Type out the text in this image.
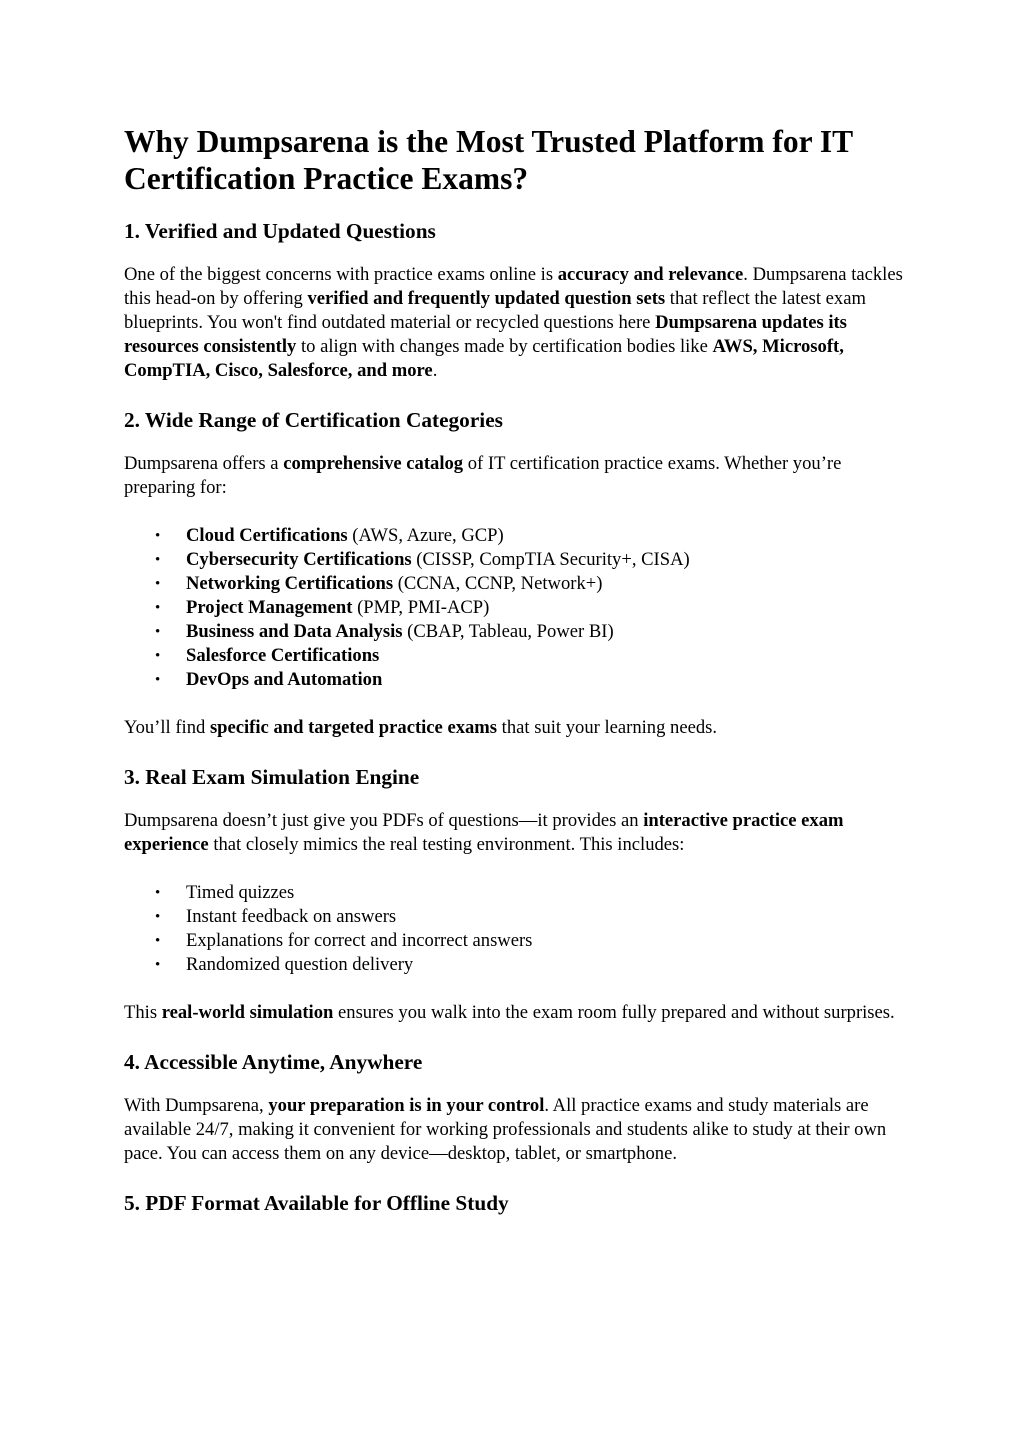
Why Dumpsarena is the Most Trusted Platform for IT
Certification Practice Exams?
1. Verified and Updated Questions

One of the biggest concerns with practice exams online is accuracy and relevance. Dumpsarena tackles this head-on by offering verified and frequently updated question sets that reflect the latest exam blueprints. You won't find outdated material or recycled questions here Dumpsarena updates its resources consistently to align with changes made by certification bodies like AWS, Microsoft, CompTIA, Cisco, Salesforce, and more.

2. Wide Range of Certification Categories

Dumpsarena offers a comprehensive catalog of IT certification practice exams. Whether you’re preparing for:

• Cloud Certifications (AWS, Azure, GCP)
• Cybersecurity Certifications (CISSP, CompTIA Security+, CISA)
• Networking Certifications (CCNA, CCNP, Network+)
• Project Management (PMP, PMI-ACP)
• Business and Data Analysis (CBAP, Tableau, Power BI)
• Salesforce Certifications
• DevOps and Automation

You’ll find specific and targeted practice exams that suit your learning needs.

3. Real Exam Simulation Engine

Dumpsarena doesn’t just give you PDFs of questions—it provides an interactive practice exam experience that closely mimics the real testing environment. This includes:

• Timed quizzes
• Instant feedback on answers
• Explanations for correct and incorrect answers
• Randomized question delivery

This real-world simulation ensures you walk into the exam room fully prepared and without surprises.

4. Accessible Anytime, Anywhere

With Dumpsarena, your preparation is in your control. All practice exams and study materials are available 24/7, making it convenient for working professionals and students alike to study at their own pace. You can access them on any device—desktop, tablet, or smartphone.

5. PDF Format Available for Offline Study
